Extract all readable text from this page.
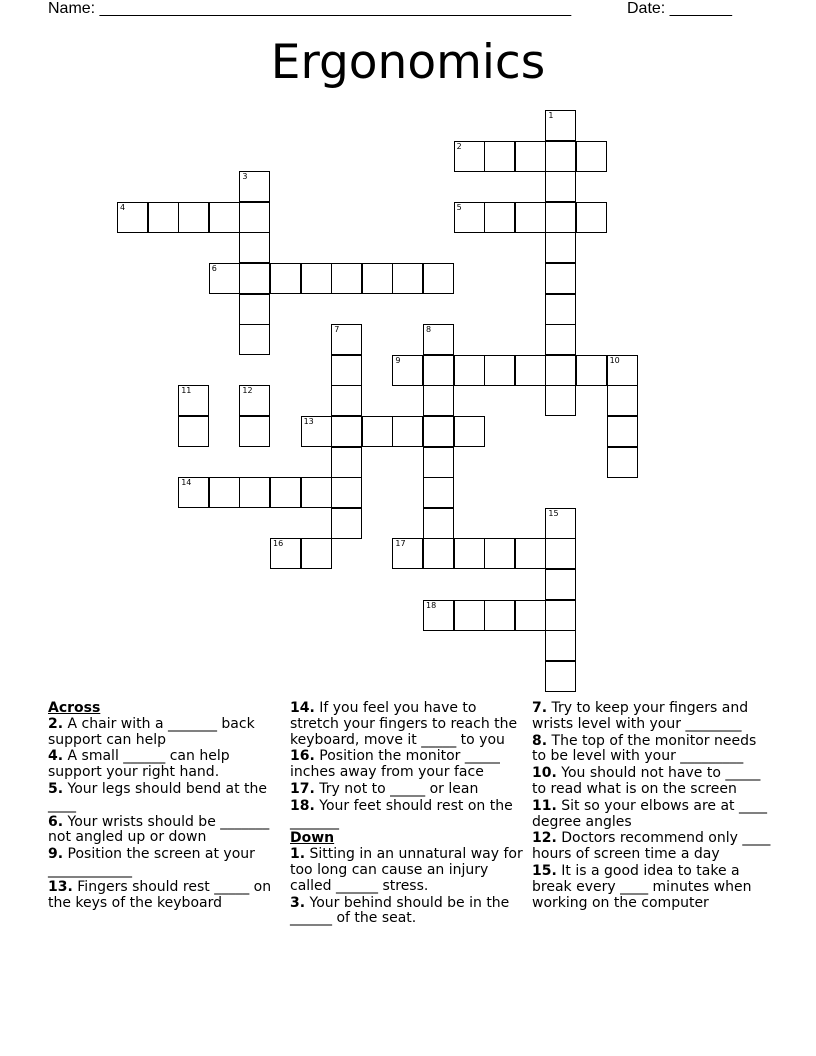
Name: _____________________________________________________	Date: _______
Ergonomics
1
2
3
4	5
6
7	8
9	10
11	12
13
14
15
16	17
18
Across
2. A chair with a _______ back support can help
4. A small ______ can help support your right hand.
5. Your legs should bend at the ____
6. Your wrists should be _______ not angled up or down
9. Position the screen at your ____________
13. Fingers should rest _____ on the keys of the keyboard
14. If you feel you have to stretch your fingers to reach the keyboard, move it _____ to you
16. Position the monitor _____ inches away from your face
17. Try not to _____ or lean
18. Your feet should rest on the _______
Down
1. Sitting in an unnatural way for too long can cause an injury called ______ stress.
3. Your behind should be in the ______ of the seat.
7. Try to keep your fingers and wrists level with your ________
8. The top of the monitor needs to be level with your _________
10. You should not have to _____ to read what is on the screen
11. Sit so your elbows are at ____ degree angles
12. Doctors recommend only ____ hours of screen time a day
15. It is a good idea to take a break every ____ minutes when working on the computer
